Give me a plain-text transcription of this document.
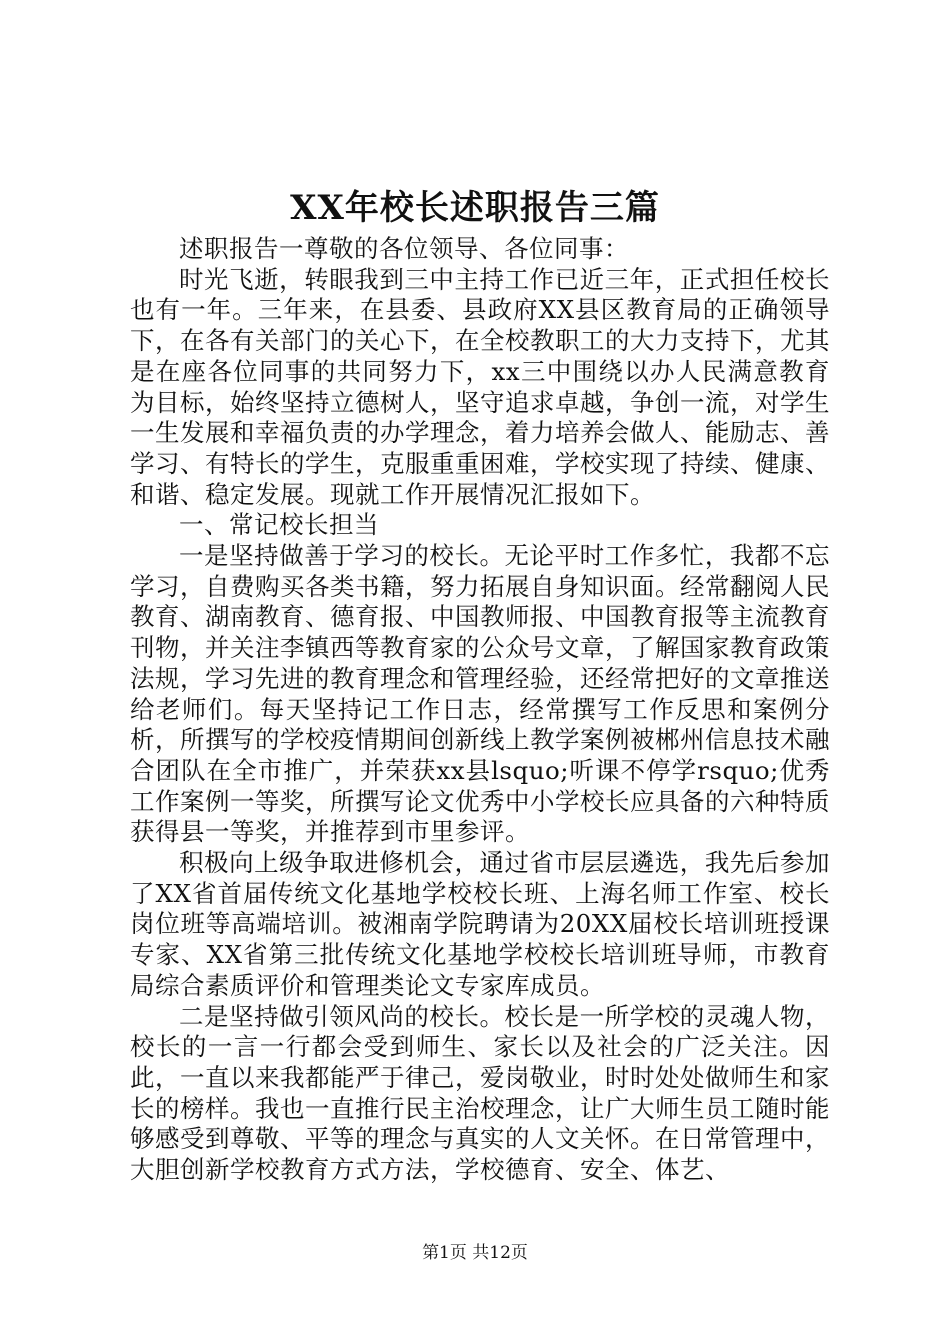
XX年校长述职报告三篇

述职报告一尊敬的各位领导、各位同事：

时光飞逝，转眼我到三中主持工作已近三年，正式担任校长也有一年。三年来，在县委、县政府XX县区教育局的正确领导下，在各有关部门的关心下，在全校教职工的大力支持下，尤其是在座各位同事的共同努力下，xx三中围绕以办人民满意教育为目标，始终坚持立德树人，坚守追求卓越，争创一流，对学生一生发展和幸福负责的办学理念，着力培养会做人、能励志、善学习、有特长的学生，克服重重困难，学校实现了持续、健康、和谐、稳定发展。现就工作开展情况汇报如下。

一、常记校长担当

一是坚持做善于学习的校长。无论平时工作多忙，我都不忘学习，自费购买各类书籍，努力拓展自身知识面。经常翻阅人民教育、湖南教育、德育报、中国教师报、中国教育报等主流教育刊物，并关注李镇西等教育家的公众号文章，了解国家教育政策法规，学习先进的教育理念和管理经验，还经常把好的文章推送给老师们。每天坚持记工作日志，经常撰写工作反思和案例分析，所撰写的学校疫情期间创新线上教学案例被郴州信息技术融合团队在全市推广，并荣获xx县lsquo;听课不停学rsquo;优秀工作案例一等奖，所撰写论文优秀中小学校长应具备的六种特质获得县一等奖，并推荐到市里参评。

积极向上级争取进修机会，通过省市层层遴选，我先后参加了XX省首届传统文化基地学校校长班、上海名师工作室、校长岗位班等高端培训。被湘南学院聘请为20XX届校长培训班授课专家、XX省第三批传统文化基地学校校长培训班导师，市教育局综合素质评价和管理类论文专家库成员。

二是坚持做引领风尚的校长。校长是一所学校的灵魂人物，校长的一言一行都会受到师生、家长以及社会的广泛关注。因此，一直以来我都能严于律己，爱岗敬业，时时处处做师生和家长的榜样。我也一直推行民主治校理念，让广大师生员工随时能够感受到尊敬、平等的理念与真实的人文关怀。在日常管理中，大胆创新学校教育方式方法，学校德育、安全、体艺、

第1页 共12页
